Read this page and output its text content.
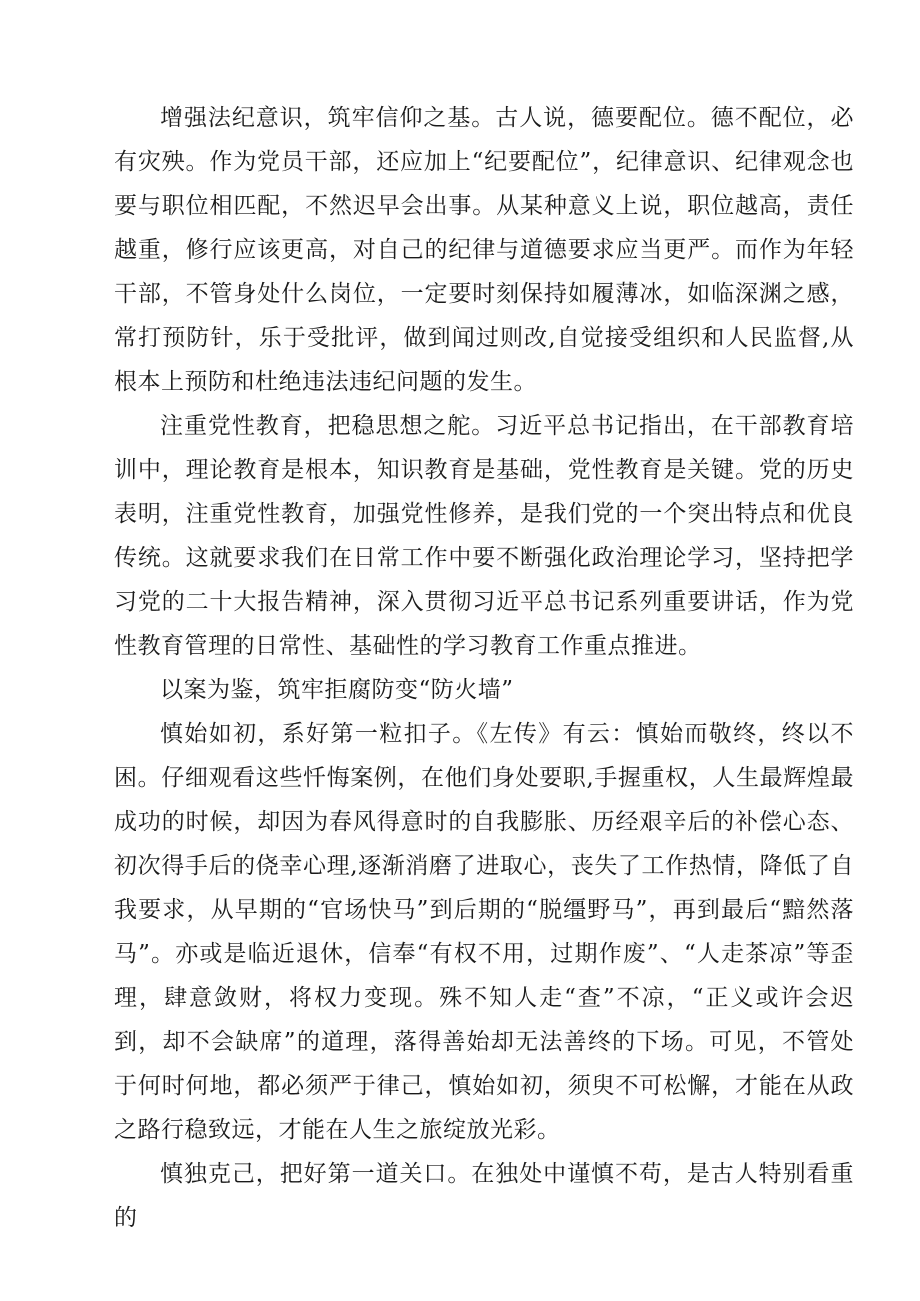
增强法纪意识，筑牢信仰之基。古人说，德要配位。德不配位，必有灾殃。作为党员干部，还应加上“纪要配位”，纪律意识、纪律观念也要与职位相匹配，不然迟早会出事。从某种意义上说，职位越高，责任越重，修行应该更高，对自己的纪律与道德要求应当更严。而作为年轻干部，不管身处什么岗位，一定要时刻保持如履薄冰，如临深渊之感，常打预防针，乐于受批评，做到闻过则改,自觉接受组织和人民监督,从根本上预防和杜绝违法违纪问题的发生。

注重党性教育，把稳思想之舵。习近平总书记指出，在干部教育培训中，理论教育是根本，知识教育是基础，党性教育是关键。党的历史表明，注重党性教育，加强党性修养，是我们党的一个突出特点和优良传统。这就要求我们在日常工作中要不断强化政治理论学习，坚持把学习党的二十大报告精神，深入贯彻习近平总书记系列重要讲话，作为党性教育管理的日常性、基础性的学习教育工作重点推进。

以案为鉴，筑牢拒腐防变“防火墙”

慎始如初，系好第一粒扣子。《左传》有云：慎始而敬终，终以不困。仔细观看这些忏悔案例，在他们身处要职,手握重权，人生最辉煌最成功的时候，却因为春风得意时的自我膨胀、历经艰辛后的补偿心态、初次得手后的侥幸心理,逐渐消磨了进取心，丧失了工作热情，降低了自我要求，从早期的“官场快马”到后期的“脱缰野马”，再到最后“黯然落马”。亦或是临近退休，信奉“有权不用，过期作废”、“人走茶凉”等歪理，肆意敛财，将权力变现。殊不知人走“查”不凉，“正义或许会迟到，却不会缺席”的道理，落得善始却无法善终的下场。可见，不管处于何时何地，都必须严于律己，慎始如初，须臾不可松懈，才能在从政之路行稳致远，才能在人生之旅绽放光彩。

慎独克己，把好第一道关口。在独处中谨慎不苟，是古人特别看重的
